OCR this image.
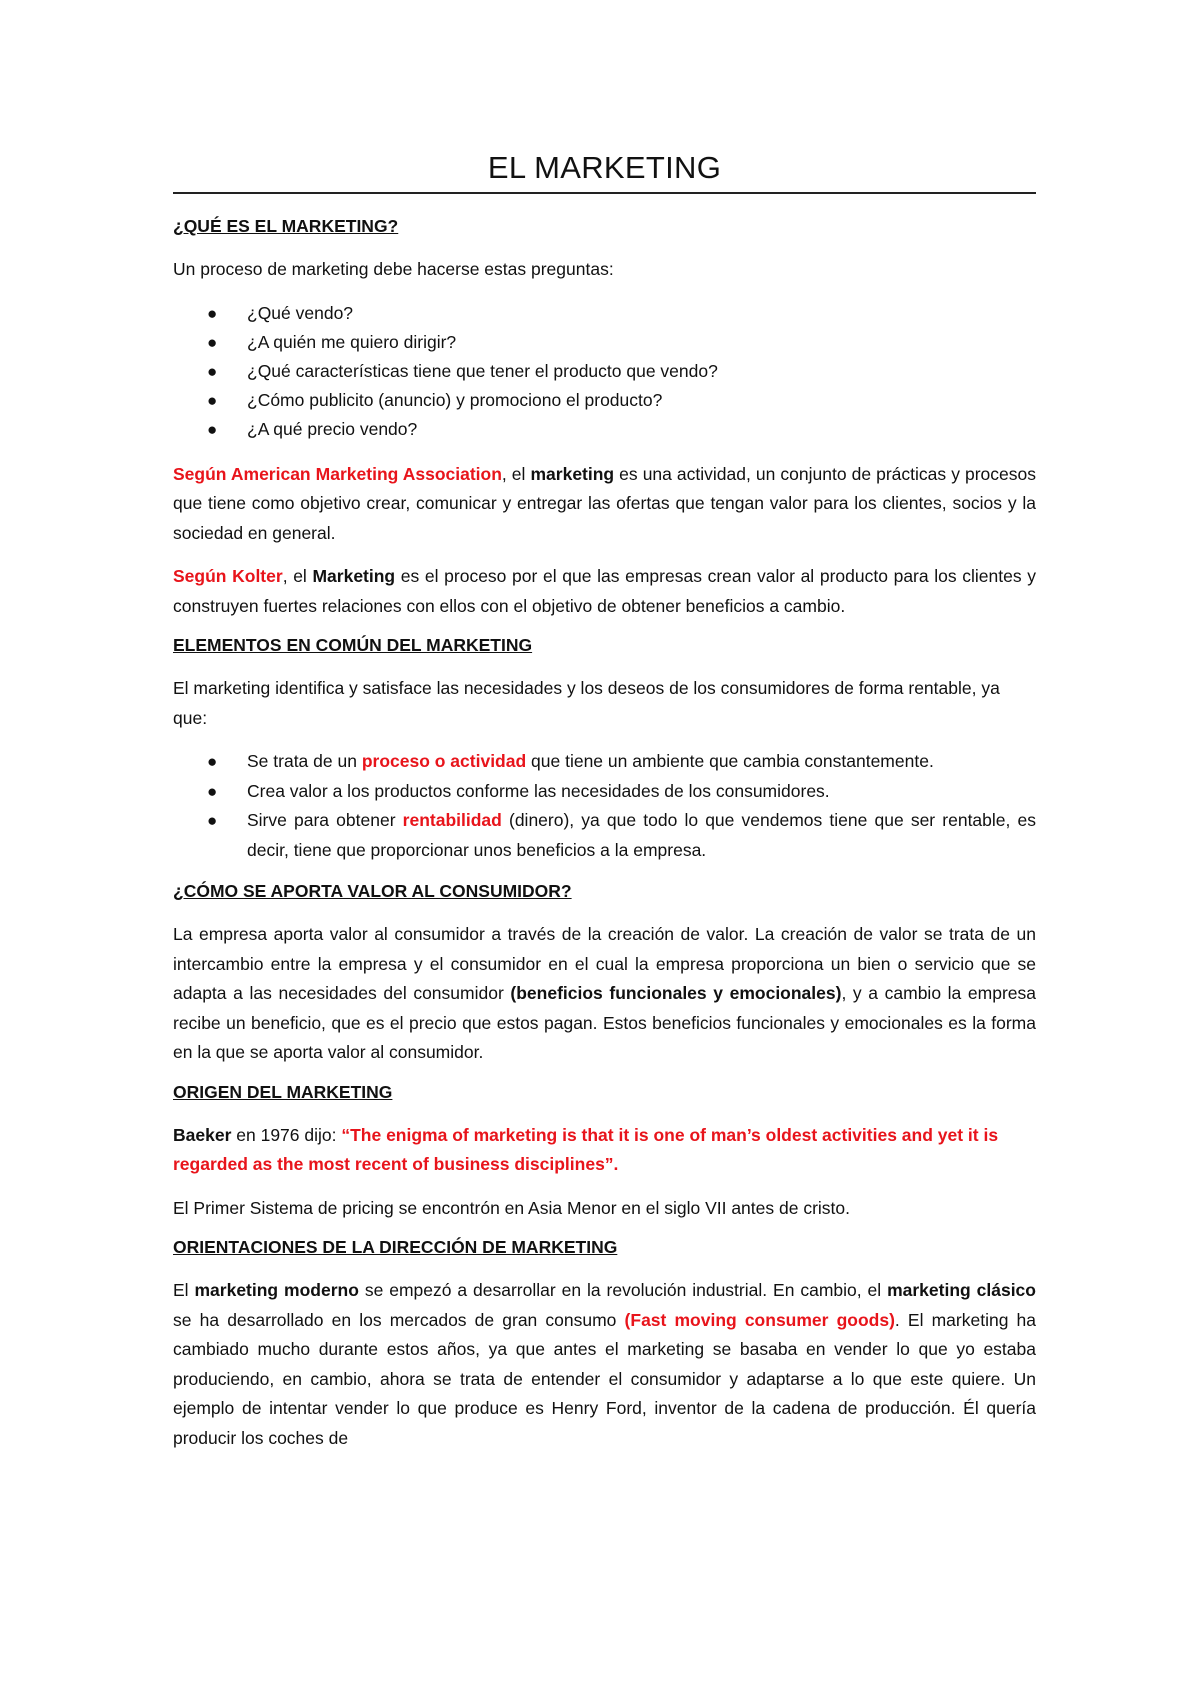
EL MARKETING
¿QUÉ ES EL MARKETING?

Un proceso de marketing debe hacerse estas preguntas:

● ¿Qué vendo?
● ¿A quién me quiero dirigir?
● ¿Qué características tiene que tener el producto que vendo?
● ¿Cómo publicito (anuncio) y promociono el producto?
● ¿A qué precio vendo?

Según American Marketing Association, el marketing es una actividad, un conjunto de prácticas y procesos que tiene como objetivo crear, comunicar y entregar las ofertas que tengan valor para los clientes, socios y la sociedad en general.

Según Kolter, el Marketing es el proceso por el que las empresas crean valor al producto para los clientes y construyen fuertes relaciones con ellos con el objetivo de obtener beneficios a cambio.

ELEMENTOS EN COMÚN DEL MARKETING

El marketing identifica y satisface las necesidades y los deseos de los consumidores de forma rentable, ya que:

● Se trata de un proceso o actividad que tiene un ambiente que cambia constantemente.
● Crea valor a los productos conforme las necesidades de los consumidores.
● Sirve para obtener rentabilidad (dinero), ya que todo lo que vendemos tiene que ser rentable, es decir, tiene que proporcionar unos beneficios a la empresa.
¿CÓMO SE APORTA VALOR AL CONSUMIDOR?

La empresa aporta valor al consumidor a través de la creación de valor. La creación de valor se trata de un intercambio entre la empresa y el consumidor en el cual la empresa proporciona un bien o servicio que se adapta a las necesidades del consumidor (beneficios funcionales y emocionales), y a cambio la empresa recibe un beneficio, que es el precio que estos pagan. Estos beneficios funcionales y emocionales es la forma en la que se aporta valor al consumidor.

ORIGEN DEL MARKETING

Baeker en 1976 dijo: “The enigma of marketing is that it is one of man’s oldest activities and yet it is regarded as the most recent of business disciplines”.

El Primer Sistema de pricing se encontrón en Asia Menor en el siglo VII antes de cristo.

ORIENTACIONES DE LA DIRECCIÓN DE MARKETING

El marketing moderno se empezó a desarrollar en la revolución industrial. En cambio, el marketing clásico se ha desarrollado en los mercados de gran consumo (Fast moving consumer goods). El marketing ha cambiado mucho durante estos años, ya que antes el marketing se basaba en vender lo que yo estaba produciendo, en cambio, ahora se trata de entender el consumidor y adaptarse a lo que este quiere. Un ejemplo de intentar vender lo que produce es Henry Ford, inventor de la cadena de producción. Él quería producir los coches de
